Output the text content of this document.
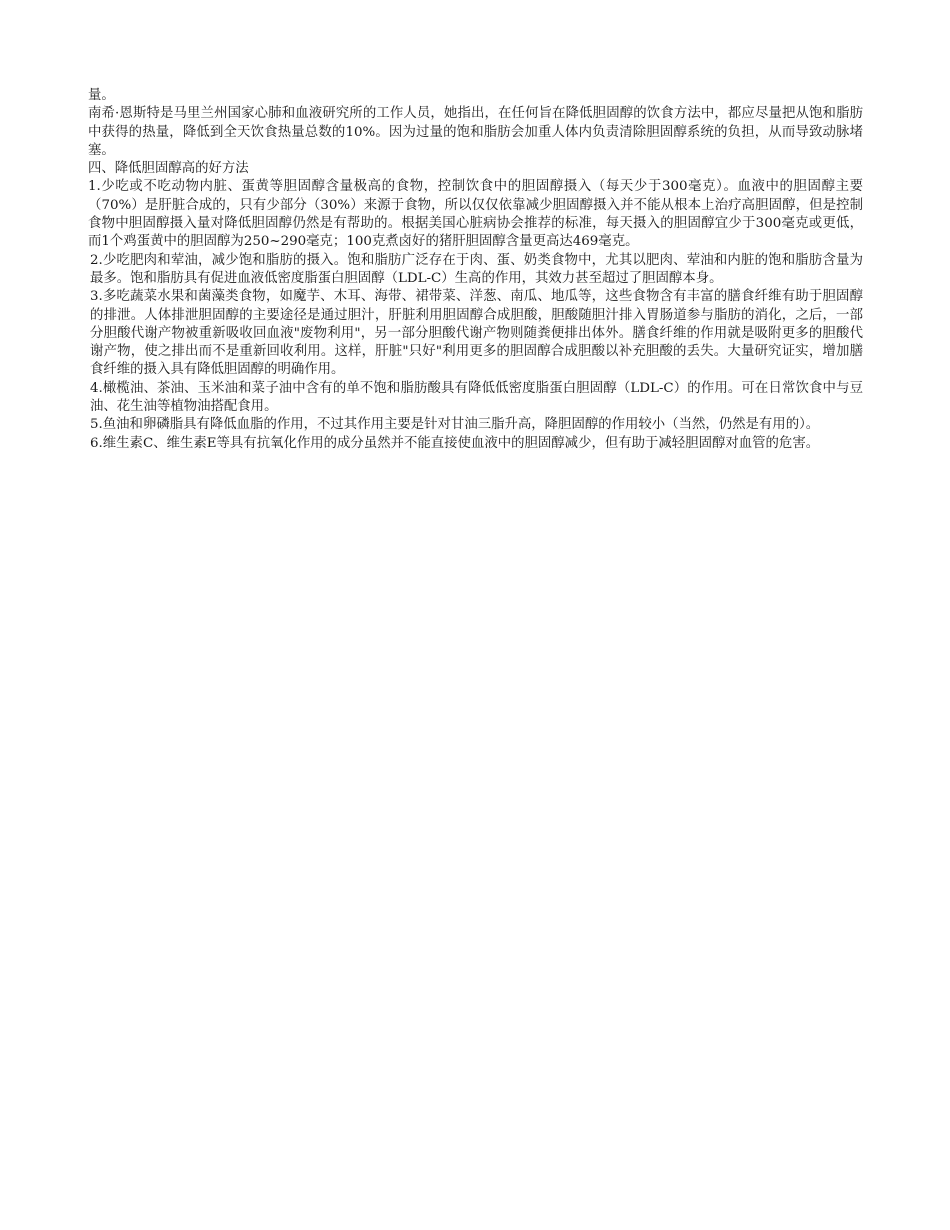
量。

南希·恩斯特是马里兰州国家心肺和血液研究所的工作人员，她指出，在任何旨在降低胆固醇的饮食方法中，都应尽量把从饱和脂肪中获得的热量，降低到全天饮食热量总数的10%。因为过量的饱和脂肪会加重人体内负责清除胆固醇系统的负担，从而导致动脉堵塞。

四、降低胆固醇高的好方法

1.少吃或不吃动物内脏、蛋黄等胆固醇含量极高的食物，控制饮食中的胆固醇摄入（每天少于300毫克）。血液中的胆固醇主要（70%）是肝脏合成的，只有少部分（30%）来源于食物，所以仅仅依靠减少胆固醇摄入并不能从根本上治疗高胆固醇，但是控制食物中胆固醇摄入量对降低胆固醇仍然是有帮助的。根据美国心脏病协会推荐的标准，每天摄入的胆固醇宜少于300毫克或更低，而1个鸡蛋黄中的胆固醇为250~290毫克；100克煮卤好的猪肝胆固醇含量更高达469毫克。

2.少吃肥肉和荤油，减少饱和脂肪的摄入。饱和脂肪广泛存在于肉、蛋、奶类食物中，尤其以肥肉、荤油和内脏的饱和脂肪含量为最多。饱和脂肪具有促进血液低密度脂蛋白胆固醇（LDL-C）生高的作用，其效力甚至超过了胆固醇本身。

3.多吃蔬菜水果和菌藻类食物，如魔芋、木耳、海带、裙带菜、洋葱、南瓜、地瓜等，这些食物含有丰富的膳食纤维有助于胆固醇的排泄。人体排泄胆固醇的主要途径是通过胆汁，肝脏利用胆固醇合成胆酸，胆酸随胆汁排入胃肠道参与脂肪的消化，之后，一部分胆酸代谢产物被重新吸收回血液"废物利用"，另一部分胆酸代谢产物则随粪便排出体外。膳食纤维的作用就是吸附更多的胆酸代谢产物，使之排出而不是重新回收利用。这样，肝脏"只好"利用更多的胆固醇合成胆酸以补充胆酸的丢失。大量研究证实，增加膳食纤维的摄入具有降低胆固醇的明确作用。

4.橄榄油、茶油、玉米油和菜子油中含有的单不饱和脂肪酸具有降低低密度脂蛋白胆固醇（LDL-C）的作用。可在日常饮食中与豆油、花生油等植物油搭配食用。

5.鱼油和卵磷脂具有降低血脂的作用，不过其作用主要是针对甘油三脂升高，降胆固醇的作用较小（当然，仍然是有用的）。

6.维生素C、维生素E等具有抗氧化作用的成分虽然并不能直接使血液中的胆固醇减少，但有助于减轻胆固醇对血管的危害。
